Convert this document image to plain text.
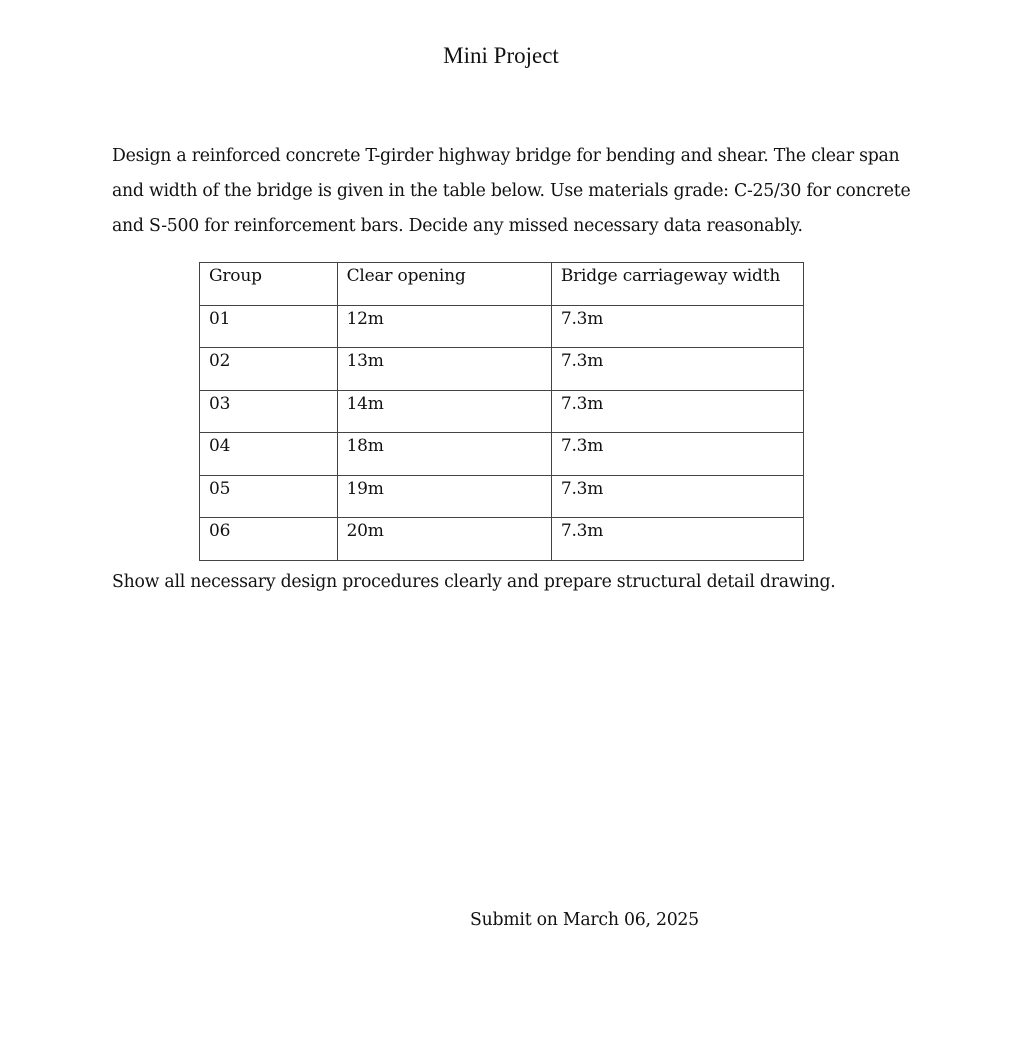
Mini Project

Design a reinforced concrete T-girder highway bridge for bending and shear. The clear span
and width of the bridge is given in the table below. Use materials grade: C-25/30 for concrete
and S-500 for reinforcement bars. Decide any missed necessary data reasonably.

Group	Clear opening	Bridge carriageway width
01	12m	7.3m
02	13m	7.3m
03	14m	7.3m
04	18m	7.3m
05	19m	7.3m
06	20m	7.3m

Show all necessary design procedures clearly and prepare structural detail drawing.

Submit on March 06, 2025
